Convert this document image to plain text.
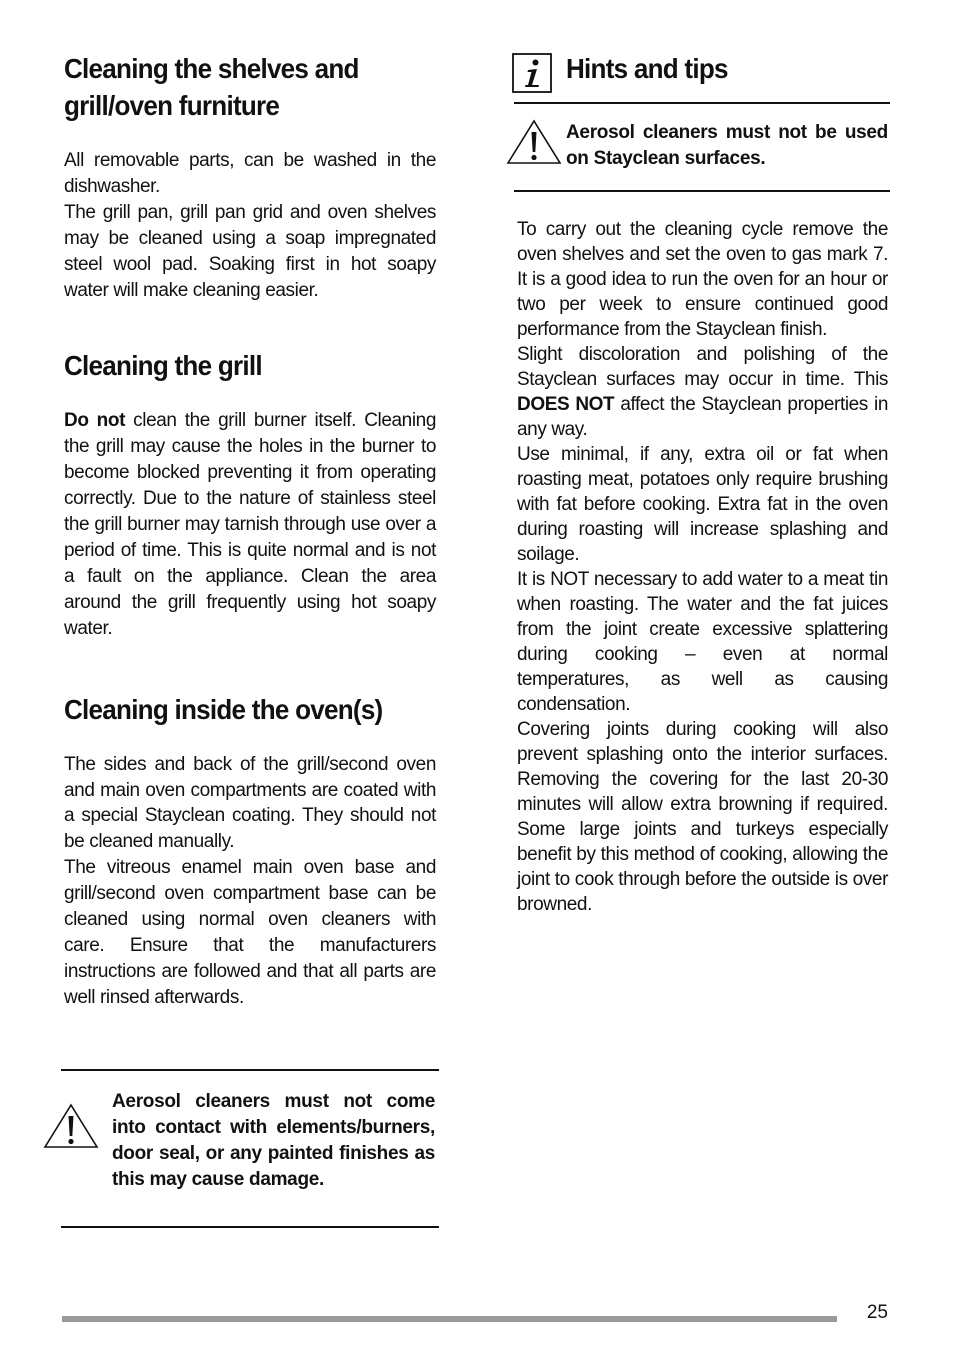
Cleaning the shelves and
grill/oven furniture

All removable parts, can be washed in the dishwasher.

The grill pan, grill pan grid and oven shelves may be cleaned using a soap impregnated steel wool pad. Soaking first in hot soapy water will make cleaning easier.

Cleaning the grill

Do not clean the grill burner itself. Cleaning the grill may cause the holes in the burner to become blocked preventing it from operating correctly. Due to the nature of stainless steel the grill burner may tarnish through use over a period of time. This is quite normal and is not a fault on the appliance. Clean the area around the grill frequently using hot soapy water.

Cleaning inside the oven(s)

The sides and back of the grill/second oven and main oven compartments are coated with a special Stayclean coating. They should not be cleaned manually.

The vitreous enamel main oven base and grill/second oven compartment base can be cleaned using normal oven cleaners with care. Ensure that the manufacturers instructions are followed and that all parts are well rinsed afterwards.

Aerosol cleaners must not come into contact with elements/burners, door seal, or any painted finishes as this may cause damage.
Hints and tips
Aerosol cleaners must not be used on Stayclean surfaces.

To carry out the cleaning cycle remove the oven shelves and set the oven to gas mark 7. It is a good idea to run the oven for an hour or two per week to ensure continued good performance from the Stayclean finish.

Slight discoloration and polishing of the Stayclean surfaces may occur in time. This DOES NOT affect the Stayclean properties in any way.

Use minimal, if any, extra oil or fat when roasting meat, potatoes only require brushing with fat before cooking. Extra fat in the oven during roasting will increase splashing and soilage.

It is NOT necessary to add water to a meat tin when roasting. The water and the fat juices from the joint create excessive splattering during cooking – even at normal temperatures, as well as causing condensation.

Covering joints during cooking will also prevent splashing onto the interior surfaces. Removing the covering for the last 20-30 minutes will allow extra browning if required. Some large joints and turkeys especially benefit by this method of cooking, allowing the joint to cook through before the outside is over browned.

25
